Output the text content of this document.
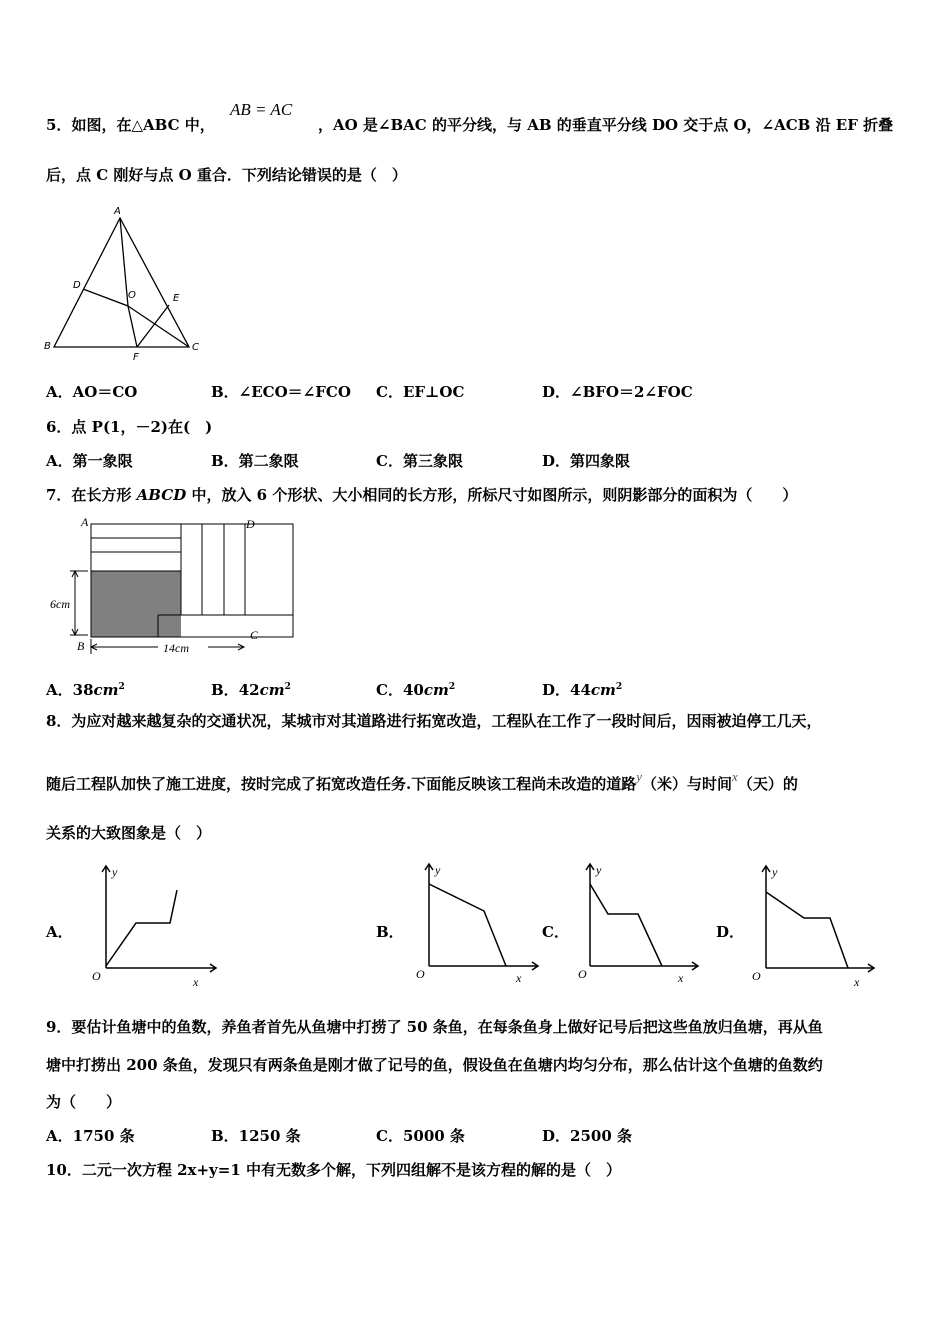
5．如图，在△ABC 中，
AB = AC
，AO 是∠BAC 的平分线，与 AB 的垂直平分线 DO 交于点 O，∠ACB 沿 EF 折叠
后，点 C 刚好与点 O 重合．下列结论错误的是（　）
A
B	C
D
E
F
O
A．AO＝CO	B．∠ECO＝∠FCO C．EF⊥OC	D．∠BFO＝2∠FOC
6．点 P(1，－2)在(　)
A．第一象限	B．第二象限	C．第三象限	D．第四象限
7．在长方形 ABCD 中，放入 6 个形状、大小相同的长方形，所标尺寸如图所示，则阴影部分的面积为（　　）
A	D
B
C
6cm
14cm
A．$38cm^2$	B．$42cm^2$	C．$40cm^2$	D．$44cm^2$
8．为应对越来越复杂的交通状况，某城市对其道路进行拓宽改造，工程队在工作了一段时间后，因雨被迫停工几天，
随后工程队加快了施工进度，按时完成了拓宽改造任务.下面能反映该工程尚未改造的道路y（米）与时间x（天）的
关系的大致图象是（　）
A．	B．	C．	D．
y
O	x
y
O	x
y
O	x
y
O	x
9．要估计鱼塘中的鱼数，养鱼者首先从鱼塘中打捞了 50 条鱼，在每条鱼身上做好记号后把这些鱼放归鱼塘，再从鱼
塘中打捞出 200 条鱼，发现只有两条鱼是刚才做了记号的鱼，假设鱼在鱼塘内均匀分布，那么估计这个鱼塘的鱼数约
为（　　）
A．1750 条	B．1250 条	C．5000 条	D．2500 条
10．二元一次方程 2x+y=1 中有无数多个解，下列四组解不是该方程的解的是（　）
